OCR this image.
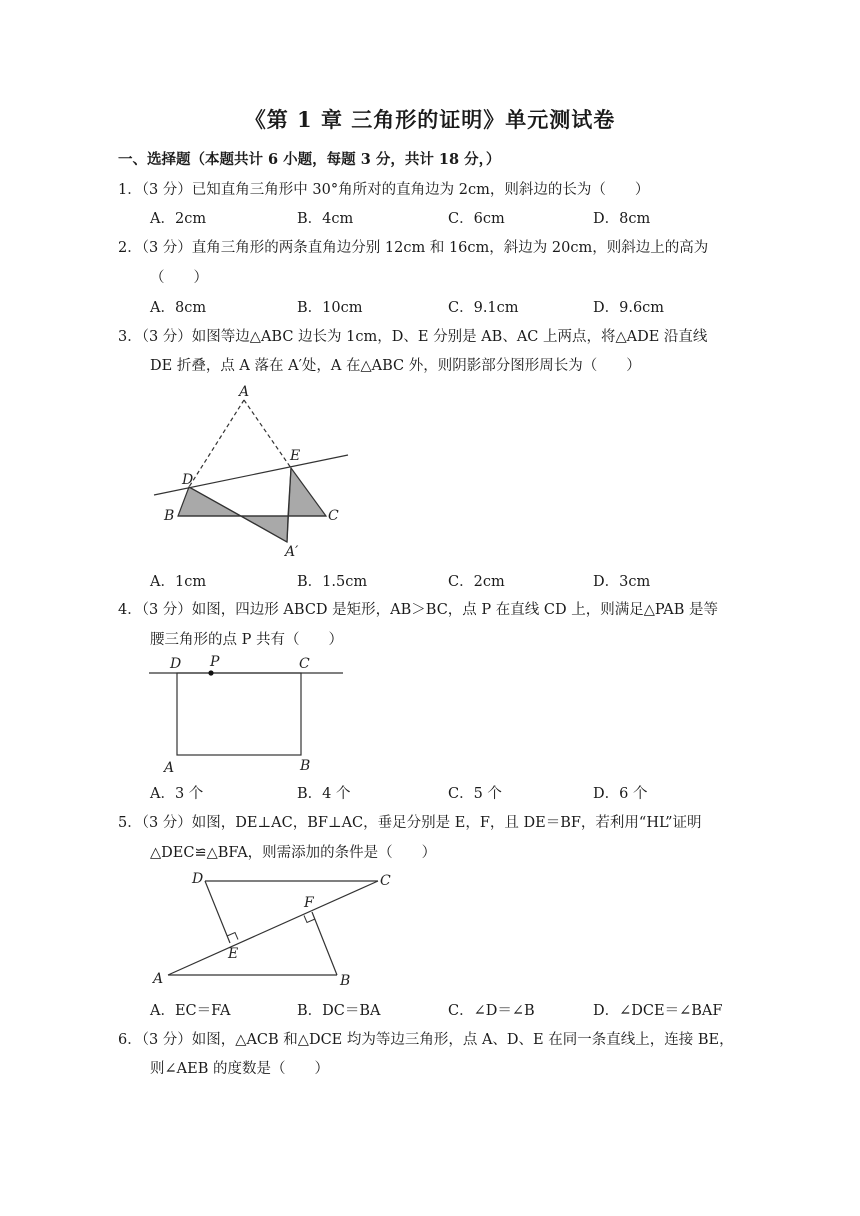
《第 1 章 三角形的证明》单元测试卷
一、选择题（本题共计 6 小题，每题 3 分，共计 18 分，）
1．（3 分）已知直角三角形中 30°角所对的直角边为 2cm，则斜边的长为（　　）
A．2cm	B．4cm	C．6cm	D．8cm
2．（3 分）直角三角形的两条直角边分别 12cm 和 16cm，斜边为 20cm，则斜边上的高为
（　　）
A．8cm	B．10cm	C．9.1cm	D．9.6cm
3．（3 分）如图等边△ABC 边长为 1cm，D、E 分别是 AB、AC 上两点，将△ADE 沿直线
DE 折叠，点 A 落在 A′处，A 在△ABC 外，则阴影部分图形周长为（　　）
A
D
E
B	C
A′
A．1cm	B．1.5cm	C．2cm	D．3cm
4．（3 分）如图，四边形 ABCD 是矩形，AB＞BC，点 P 在直线 CD 上，则满足△PAB 是等
腰三角形的点 P 共有（　　）
D P	C
A	B
A．3 个	B．4 个	C．5 个	D．6 个
5．（3 分）如图，DE⊥AC，BF⊥AC，垂足分别是 E，F，且 DE＝BF，若利用“HL”证明
△DEC≌△BFA，则需添加的条件是（　　）
D	C
F
E
A	B
A．EC＝FA	B．DC＝BA	C．∠D＝∠B	D．∠DCE＝∠BAF
6．（3 分）如图，△ACB 和△DCE 均为等边三角形，点 A、D、E 在同一条直线上，连接 BE，
则∠AEB 的度数是（　　）
